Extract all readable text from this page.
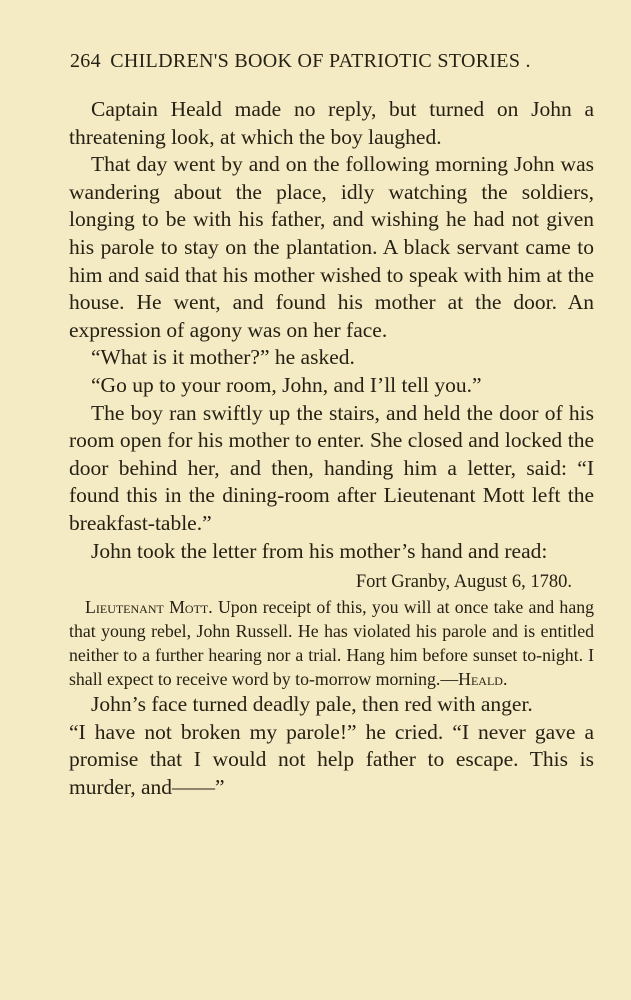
264 CHILDREN'S BOOK OF PATRIOTIC STORIES .

Captain Heald made no reply, but turned on John a threatening look, at which the boy laughed.

That day went by and on the following morning John was wandering about the place, idly watching the soldiers, longing to be with his father, and wishing he had not given his parole to stay on the plantation. A black servant came to him and said that his mother wished to speak with him at the house. He went, and found his mother at the door. An expression of agony was on her face.

“What is it mother?” he asked.

“Go up to your room, John, and I’ll tell you.”

The boy ran swiftly up the stairs, and held the door of his room open for his mother to enter. She closed and locked the door behind her, and then, handing him a letter, said: “I found this in the dining-room after Lieutenant Mott left the breakfast-table.”

John took the letter from his mother’s hand and read:

Fort Granby, August 6, 1780.

Lieutenant Mott. Upon receipt of this, you will at once take and hang that young rebel, John Russell. He has violated his parole and is entitled neither to a further hearing nor a trial. Hang him before sunset to-night. I shall expect to receive word by to-morrow morning.—Heald.

John’s face turned deadly pale, then red with anger.

“I have not broken my parole!” he cried. “I never gave a promise that I would not help father to escape. This is murder, and——”
